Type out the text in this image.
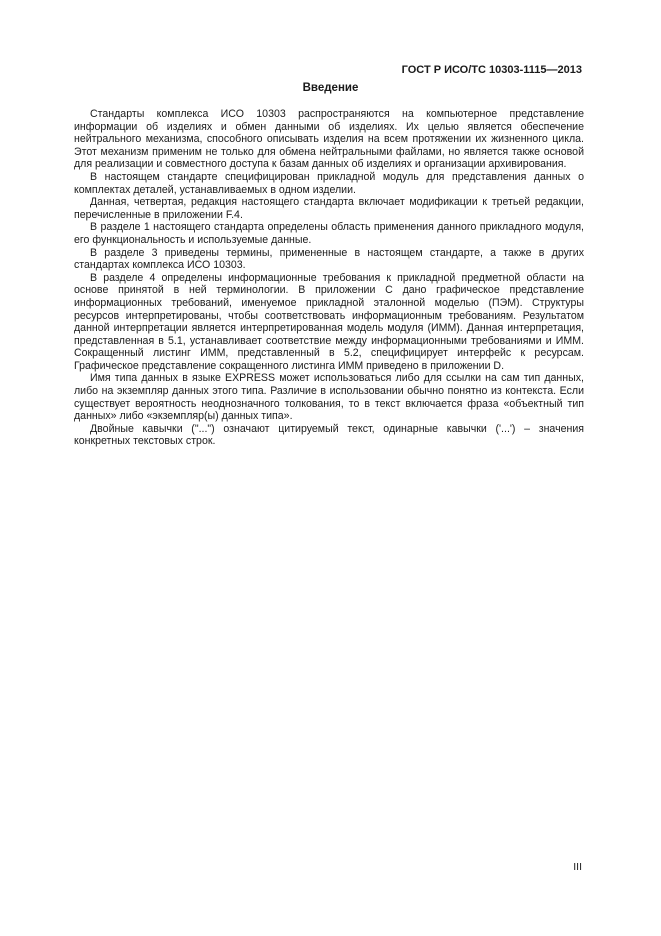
ГОСТ Р ИСО/ТС 10303-1115—2013
Введение

Стандарты комплекса ИСО 10303 распространяются на компьютерное представление информации об изделиях и обмен данными об изделиях. Их целью является обеспечение нейтрального механизма, способного описывать изделия на всем протяжении их жизненного цикла. Этот механизм применим не только для обмена нейтральными файлами, но является также основой для реализации и совместного доступа к базам данных об изделиях и организации архивирования.

В настоящем стандарте специфицирован прикладной модуль для представления данных о комплектах деталей, устанавливаемых в одном изделии.

Данная, четвертая, редакция настоящего стандарта включает модификации к третьей редакции, перечисленные в приложении F.4.

В разделе 1 настоящего стандарта определены область применения данного прикладного модуля, его функциональность и используемые данные.

В разделе 3 приведены термины, примененные в настоящем стандарте, а также в других стандартах комплекса ИСО 10303.

В разделе 4 определены информационные требования к прикладной предметной области на основе принятой в ней терминологии. В приложении С дано графическое представление информационных требований, именуемое прикладной эталонной моделью (ПЭМ). Структуры ресурсов интерпретированы, чтобы соответствовать информационным требованиям. Результатом данной интерпретации является интерпретированная модель модуля (ИММ). Данная интерпретация, представленная в 5.1, устанавливает соответствие между информационными требованиями и ИММ. Сокращенный листинг ИММ, представленный в 5.2, специфицирует интерфейс к ресурсам. Графическое представление сокращенного листинга ИММ приведено в приложении D.

Имя типа данных в языке EXPRESS может использоваться либо для ссылки на сам тип данных, либо на экземпляр данных этого типа. Различие в использовании обычно понятно из контекста. Если существует вероятность неоднозначного толкования, то в текст включается фраза «объектный тип данных» либо «экземпляр(ы) данных типа».

Двойные кавычки ("...") означают цитируемый текст, одинарные кавычки ('...') – значения конкретных текстовых строк.

III
